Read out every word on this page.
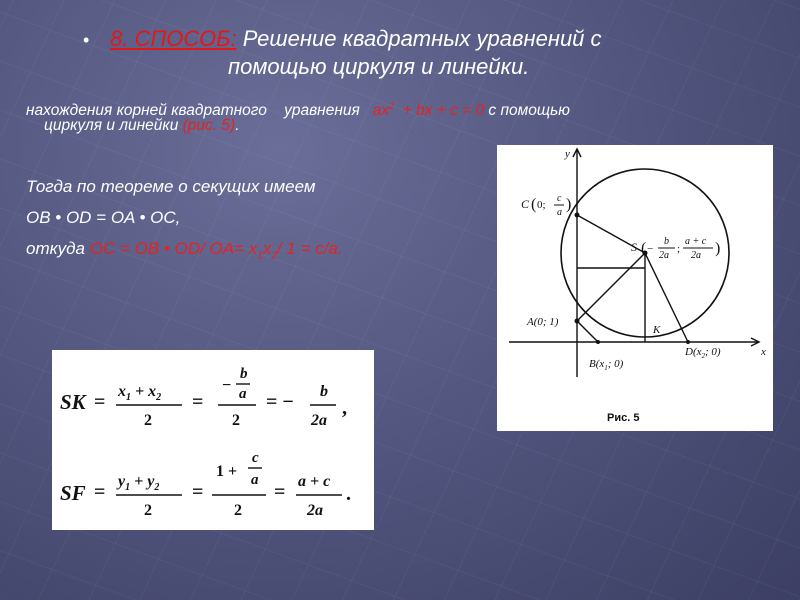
• 8. СПОСОБ: Решение квадратных уравнений с
помощью циркуля и линейки.
нахождения корней квадратного    уравнения   $ax^2$  + bx + c = 0 с помощью
циркуля и линейки (рис. 5).
Тогда по теореме о секущих имеем
OB • OD = OA • OC,
откуда OC = OB • OD/ $OA= x_1x_2/$ 1 = c/a.
SK = $x_1 + x_2$
2
=
−
b
a
2
= − b
2a
,
SF = $y_1 + y_2$
2
=
1 +
c
a
2
= a + c
2a
.
y
x
C ( 0;
c
a )
S ( −
b
2a
;
a + c
2a )
A(0; 1)
K
$B(x_1$; 0)
$D(x_2$; 0)
Рис. 5
